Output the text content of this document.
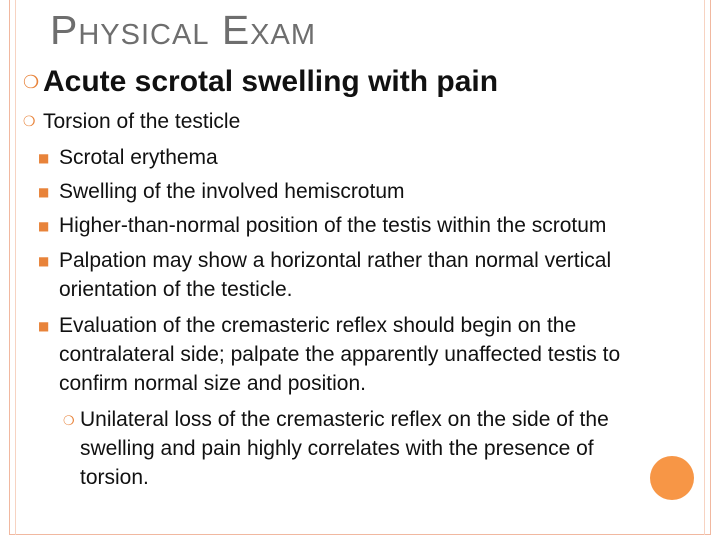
Physical Exam
❍ Acute scrotal swelling with pain
❍ Torsion of the testicle
■ Scrotal erythema
■ Swelling of the involved hemiscrotum
■ Higher-than-normal position of the testis within the scrotum
■ Palpation may show a horizontal rather than normal vertical
orientation of the testicle.
■ Evaluation of the cremasteric reflex should begin on the
contralateral side; palpate the apparently unaffected testis to
confirm normal size and position.
❍ Unilateral loss of the cremasteric reflex on the side of the
swelling and pain highly correlates with the presence of
torsion.
